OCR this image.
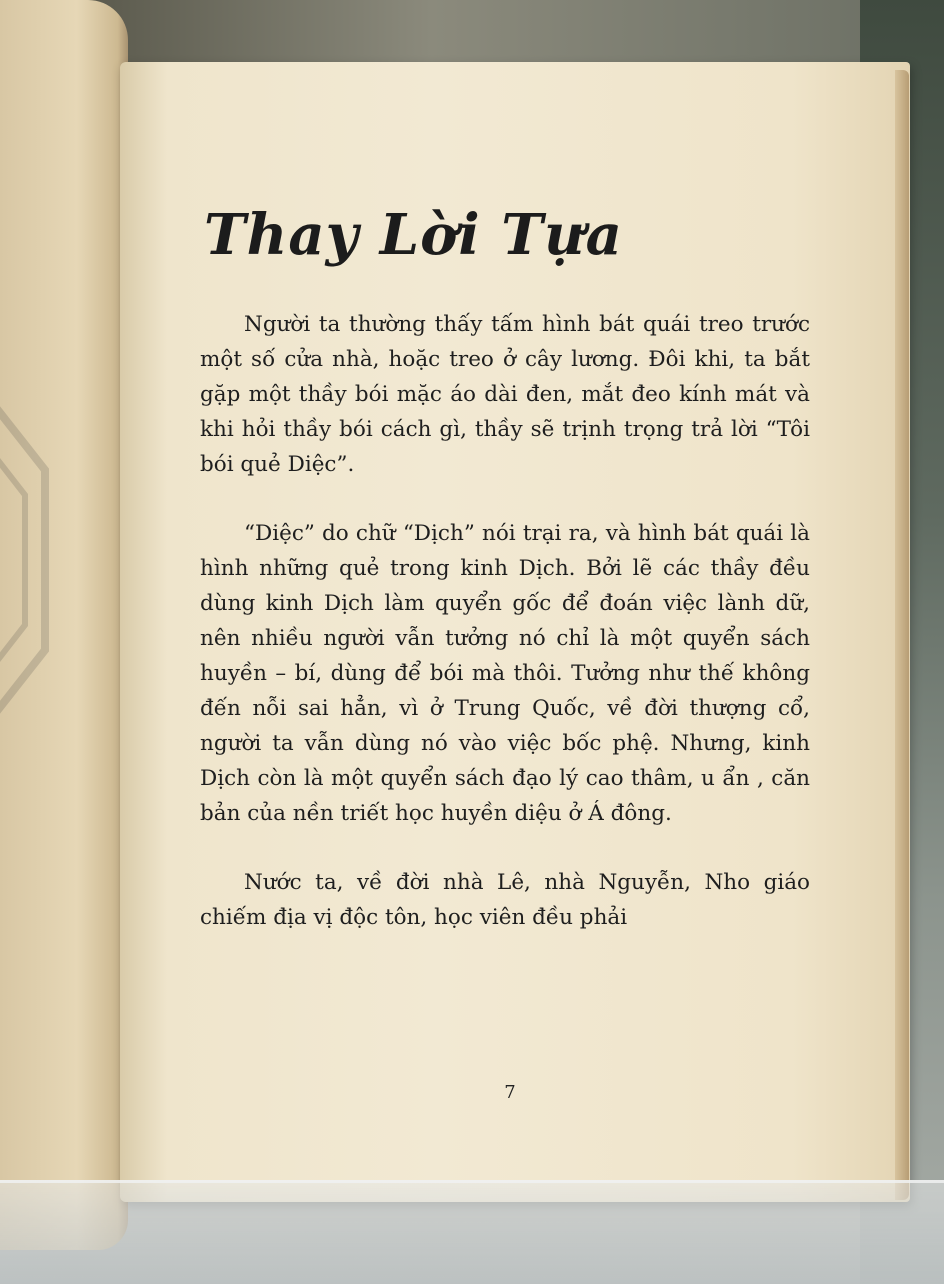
Thay Lời Tựa

Người ta thường thấy tấm hình bát quái treo trước một số cửa nhà, hoặc treo ở cây lương. Đôi khi, ta bắt gặp một thầy bói mặc áo dài đen, mắt đeo kính mát và khi hỏi thầy bói cách gì, thầy sẽ trịnh trọng trả lời “Tôi bói quẻ Diệc”.

“Diệc” do chữ “Dịch” nói trại ra, và hình bát quái là hình những quẻ trong kinh Dịch. Bởi lẽ các thầy đều dùng kinh Dịch làm quyển gốc để đoán việc lành dữ, nên nhiều người vẫn tưởng nó chỉ là một quyển sách huyền – bí, dùng để bói mà thôi. Tưởng như thế không đến nỗi sai hẳn, vì ở Trung Quốc, về đời thượng cổ, người ta vẫn dùng nó vào việc bốc phệ. Nhưng, kinh Dịch còn là một quyển sách đạo lý cao thâm, u ẩn , căn bản của nền triết học huyền diệu ở Á đông.

Nước ta, về đời nhà Lê, nhà Nguyễn, Nho giáo chiếm địa vị độc tôn, học viên đều phải

7
